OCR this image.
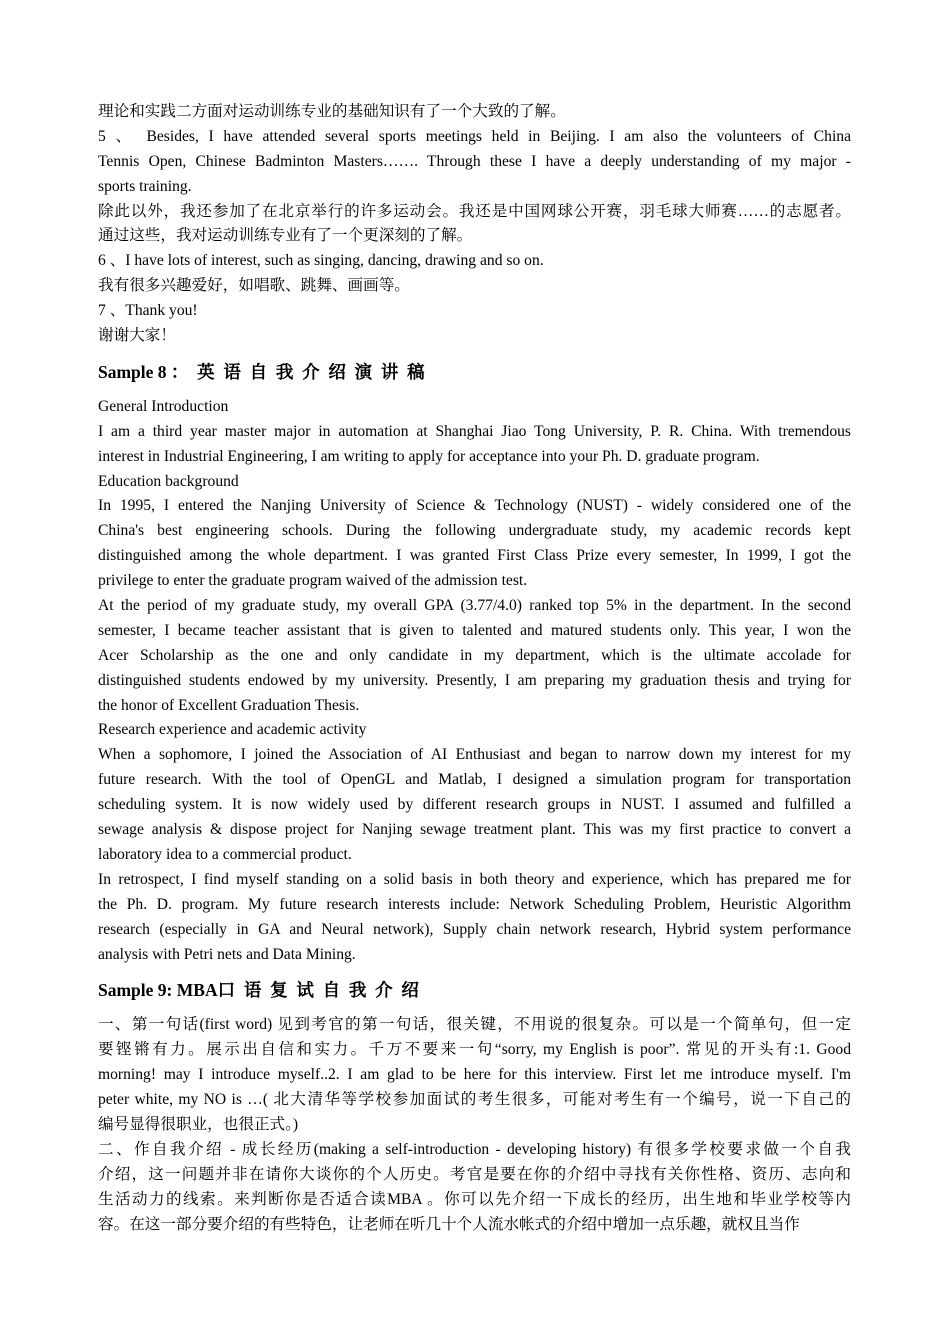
理论和实践二方面对运动训练专业的基础知识有了一个大致的了解。
5 、 Besides, I have attended several sports meetings held in Beijing. I am also the volunteers of China
Tennis Open, Chinese Badminton Masters……. Through these I have a deeply understanding of my major -
sports training.
除此以外，我还参加了在北京举行的许多运动会。我还是中国网球公开赛，羽毛球大师赛……的志愿者。
通过这些，我对运动训练专业有了一个更深刻的了解。
6 、I have lots of interest, such as singing, dancing, drawing and so on.
我有很多兴趣爱好，如唱歌、跳舞、画画等。
7 、Thank you!
谢谢大家！
Sample 8 ：  英  语  自  我  介  绍  演  讲  稿
General Introduction
I am a third year master major in automation at Shanghai Jiao Tong University, P. R. China. With tremendous
interest in Industrial Engineering, I am writing to apply for acceptance into your Ph. D. graduate program.
Education background
In 1995, I entered the Nanjing University of Science & Technology (NUST) - widely considered one of the
China's best engineering schools. During the following undergraduate study, my academic records kept
distinguished among the whole department. I was granted First Class Prize every semester, In 1999, I got the
privilege to enter the graduate program waived of the admission test.
At the period of my graduate study, my overall GPA (3.77/4.0) ranked top 5% in the department. In the second
semester, I became teacher assistant that is given to talented and matured students only. This year, I won the
Acer Scholarship as the one and only candidate in my department, which is the ultimate accolade for
distinguished students endowed by my university. Presently, I am preparing my graduation thesis and trying for
the honor of Excellent Graduation Thesis.
Research experience and academic activity
When a sophomore, I joined the Association of AI Enthusiast and began to narrow down my interest for my
future research. With the tool of OpenGL and Matlab, I designed a simulation program for transportation
scheduling system. It is now widely used by different research groups in NUST. I assumed and fulfilled a
sewage analysis & dispose project for Nanjing sewage treatment plant. This was my first practice to convert a
laboratory idea to a commercial product.
In retrospect, I find myself standing on a solid basis in both theory and experience, which has prepared me for
the Ph. D. program. My future research interests include: Network Scheduling Problem, Heuristic Algorithm
research (especially in GA and Neural network), Supply chain network research, Hybrid system performance
analysis with Petri nets and Data Mining.
Sample 9: MBA口  语  复  试  自  我  介  绍
一、第一句话(first word) 见到考官的第一句话，很关键，不用说的很复杂。可以是一个简单句，但一定
要铿锵有力。展示出自信和实力。千万不要来一句“sorry, my English is poor”. 常见的开头有:1. Good
morning! may I introduce myself..2. I am glad to be here for this interview. First let me introduce myself. I'm
peter white, my NO is …( 北大清华等学校参加面试的考生很多，可能对考生有一个编号，说一下自己的
编号显得很职业，也很正式。)
二、作自我介绍 - 成长经历(making a self-introduction - developing history) 有很多学校要求做一个自我
介绍，这一问题并非在请你大谈你的个人历史。考官是要在你的介绍中寻找有关你性格、资历、志向和
生活动力的线索。来判断你是否适合读MBA 。你可以先介绍一下成长的经历，出生地和毕业学校等内
容。在这一部分要介绍的有些特色，让老师在听几十个人流水帐式的介绍中增加一点乐趣，就权且当作
